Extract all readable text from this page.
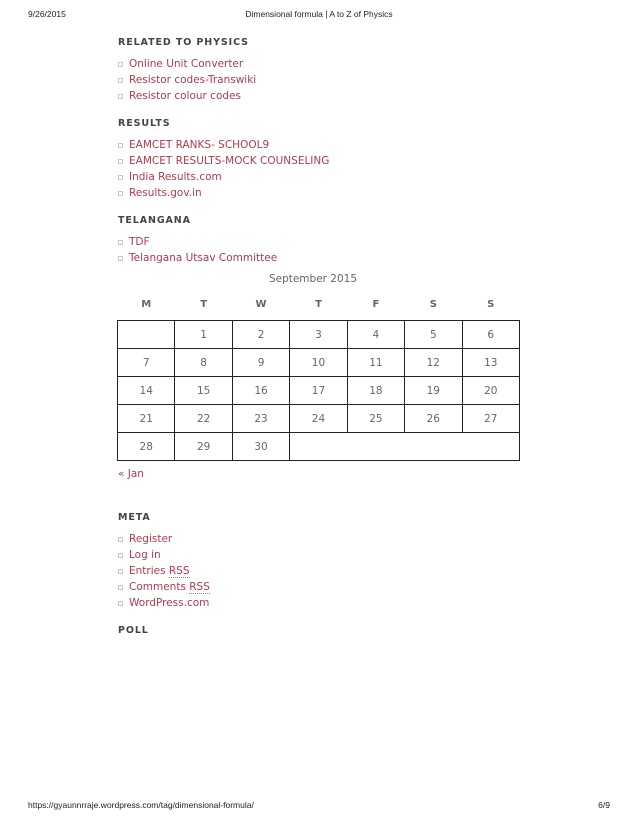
9/26/2015	Dimensional formula | A to Z of Physics
RELATED TO PHYSICS
Online Unit Converter
Resistor codes-Transwiki
Resistor colour codes
RESULTS
EAMCET RANKS- SCHOOL9
EAMCET RESULTS-MOCK COUNSELING
India Results.com
Results.gov.in
TELANGANA
TDF
Telangana Utsav Committee
September 2015
M	T	W	T	F	S	S
	1	2	3	4	5	6
7	8	9	10	11	12	13
14	15	16	17	18	19	20
21	22	23	24	25	26	27
28	29	30				
« Jan
META
Register
Log in
Entries RSS
Comments RSS
WordPress.com
POLL
https://gyaunnrraje.wordpress.com/tag/dimensional-formula/	6/9
